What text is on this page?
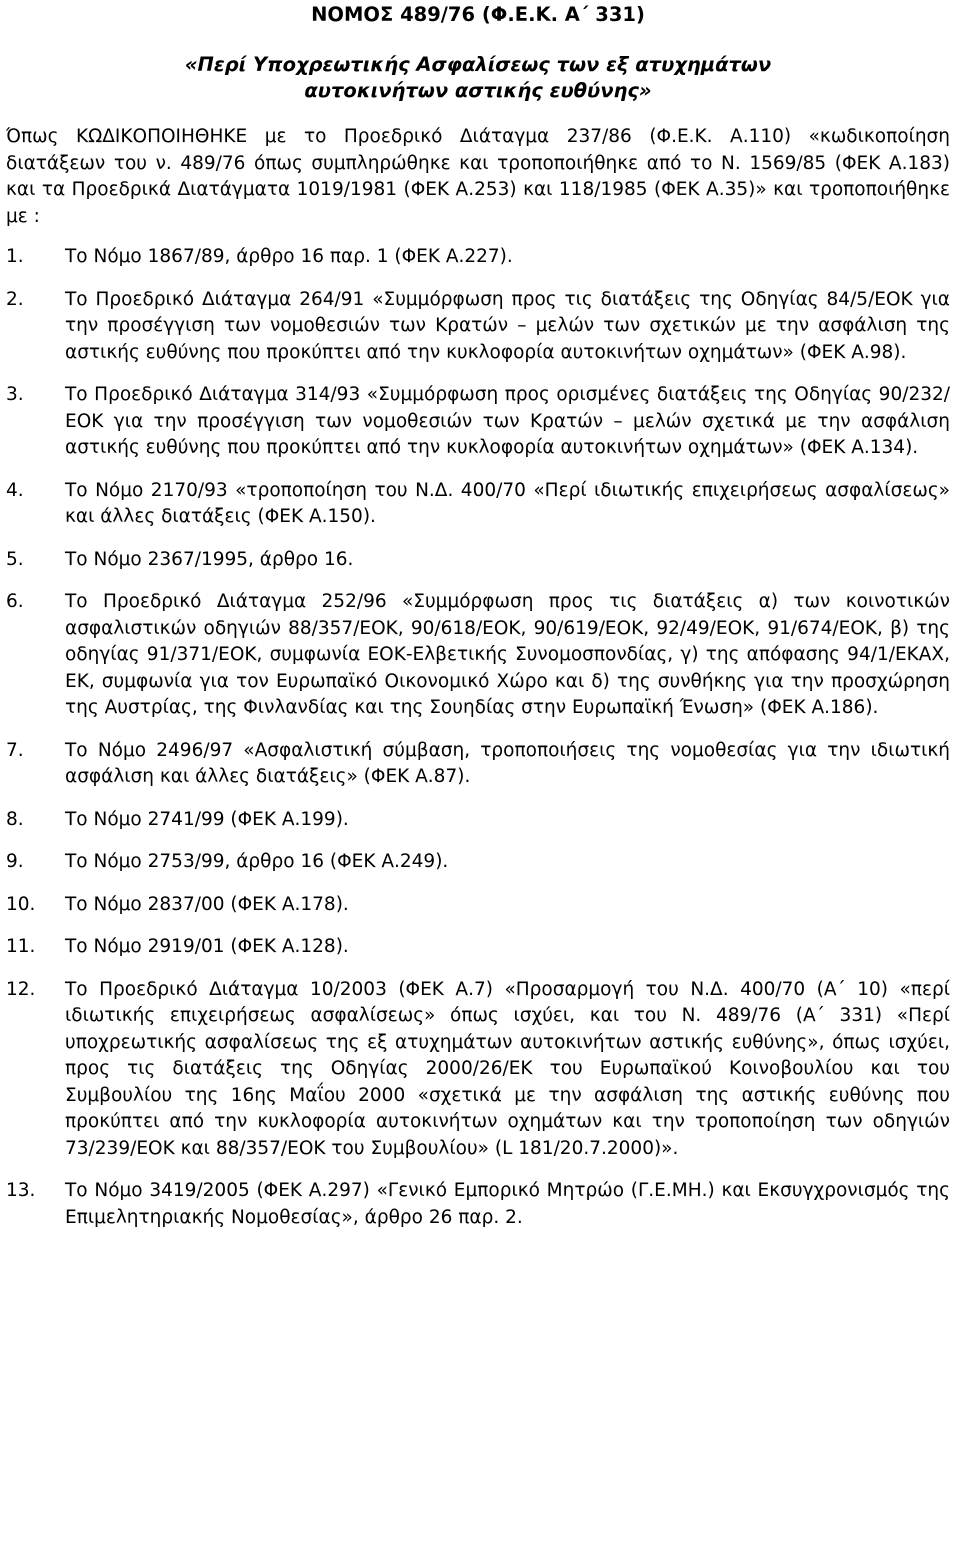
ΝΟΜΟΣ 489/76 (Φ.Ε.Κ. Α΄ 331)
«Περί Υποχρεωτικής Ασφαλίσεως των εξ ατυχημάτων
αυτοκινήτων αστικής ευθύνης»
Όπως ΚΩΔΙΚΟΠΟΙΗΘΗΚΕ με το Προεδρικό Διάταγμα 237/86 (Φ.Ε.Κ. Α.110) «κωδικοποίηση διατάξεων του ν. 489/76 όπως συμπληρώθηκε και τροποποιήθηκε από το Ν. 1569/85 (ΦΕΚ Α.183) και τα Προεδρικά Διατάγματα 1019/1981 (ΦΕΚ Α.253) και 118/1985 (ΦΕΚ Α.35)» και τροποποιήθηκε με :
1.	Το Νόμο 1867/89, άρθρο 16 παρ. 1 (ΦΕΚ Α.227).
2.	Το Προεδρικό Διάταγμα 264/91 «Συμμόρφωση προς τις διατάξεις της Οδηγίας 84/5/ΕΟΚ για την προσέγγιση των νομοθεσιών των Κρατών – μελών των σχετικών με την ασφάλιση της αστικής ευθύνης που προκύπτει από την κυκλοφορία αυτοκινήτων οχημάτων» (ΦΕΚ Α.98).
3.	Το Προεδρικό Διάταγμα 314/93 «Συμμόρφωση προς ορισμένες διατάξεις της Οδηγίας 90/232/ΕΟΚ για την προσέγγιση των νομοθεσιών των Κρατών – μελών σχετικά με την ασφάλιση αστικής ευθύνης που προκύπτει από την κυκλοφορία αυτοκινήτων οχημάτων» (ΦΕΚ Α.134).
4.	Το Νόμο 2170/93 «τροποποίηση του Ν.Δ. 400/70 «Περί ιδιωτικής επιχειρήσεως ασφαλίσεως» και άλλες διατάξεις (ΦΕΚ Α.150).
5.	Το Νόμο 2367/1995, άρθρο 16.
6.	Το Προεδρικό Διάταγμα 252/96 «Συμμόρφωση προς τις διατάξεις α) των κοινοτικών ασφαλιστικών οδηγιών 88/357/ΕΟΚ, 90/618/ΕΟΚ, 90/619/ΕΟΚ, 92/49/ΕΟΚ, 91/674/ΕΟΚ, β) της οδηγίας 91/371/ΕΟΚ, συμφωνία ΕΟΚ-Ελβετικής Συνομοσπονδίας, γ) της απόφασης 94/1/ΕΚΑΧ, ΕΚ, συμφωνία για τον Ευρωπαϊκό Οικονομικό Χώρο και δ) της συνθήκης για την προσχώρηση της Αυστρίας, της Φινλανδίας και της Σουηδίας στην Ευρωπαϊκή Ένωση» (ΦΕΚ Α.186).
7.	Το Νόμο 2496/97 «Ασφαλιστική σύμβαση, τροποποιήσεις της νομοθεσίας για την ιδιωτική ασφάλιση και άλλες διατάξεις» (ΦΕΚ Α.87).
8.	Το Νόμο 2741/99 (ΦΕΚ Α.199).
9.	Το Νόμο 2753/99, άρθρο 16 (ΦΕΚ Α.249).
10.	Το Νόμο 2837/00 (ΦΕΚ Α.178).
11.	Το Νόμο 2919/01 (ΦΕΚ Α.128).
12.	Το Προεδρικό Διάταγμα 10/2003 (ΦΕΚ Α.7) «Προσαρμογή του Ν.Δ. 400/70 (Α΄ 10) «περί ιδιωτικής επιχειρήσεως ασφαλίσεως» όπως ισχύει, και του Ν. 489/76 (Α΄ 331) «Περί υποχρεωτικής ασφαλίσεως της εξ ατυχημάτων αυτοκινήτων αστικής ευθύνης», όπως ισχύει, προς τις διατάξεις της Οδηγίας 2000/26/ΕΚ του Ευρωπαϊκού Κοινοβουλίου και του Συμβουλίου της 16ης Μαΐου 2000 «σχετικά με την ασφάλιση της αστικής ευθύνης που προκύπτει από την κυκλοφορία αυτοκινήτων οχημάτων και την τροποποίηση των οδηγιών 73/239/ΕΟΚ και 88/357/ΕΟΚ του Συμβουλίου» (L 181/20.7.2000)».
13.	Το Νόμο 3419/2005 (ΦΕΚ Α.297) «Γενικό Εμπορικό Μητρώο (Γ.Ε.ΜΗ.) και Εκσυγχρονισμός της Επιμελητηριακής Νομοθεσίας», άρθρο 26 παρ. 2.
